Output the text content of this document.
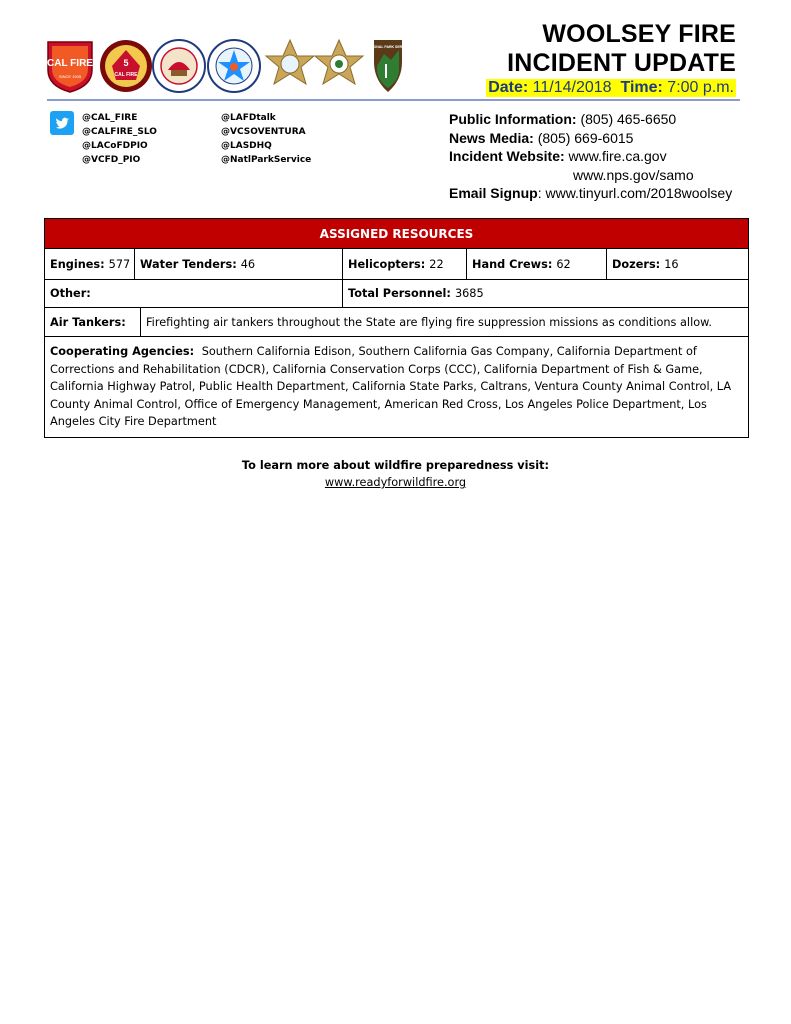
CAL FIRE
SINCE 1905
5
CAL FIRE
NATIONAL PARK SERVICE	WOOLSEY FIRE
INCIDENT UPDATE
Date: 11/14/2018 Time: 7:00 p.m.
@CAL_FIRE
@CALFIRE_SLO
@LACoFDPIO
@VCFD_PIO
@LAFDtalk
@VCSOVENTURA
@LASDHQ
@NatlParkService
Public Information: (805) 465-6650
News Media: (805) 669-6015
Incident Website: www.fire.ca.gov
www.nps.gov/samo
Email Signup: www.tinyurl.com/2018woolsey
ASSIGNED RESOURCES
Engines: 577 Water Tenders: 46	Helicopters: 22	Hand Crews: 62	Dozers: 16
Other:	Total Personnel: 3685
Air Tankers: Firefighting air tankers throughout the State are flying fire suppression missions as conditions allow.
Cooperating Agencies: Southern California Edison, Southern California Gas Company, California Department of Corrections and Rehabilitation (CDCR), California Conservation Corps (CCC), California Department of Fish & Game, California Highway Patrol, Public Health Department, California State Parks, Caltrans, Ventura County Animal Control, LA County Animal Control, Office of Emergency Management, American Red Cross, Los Angeles Police Department, Los Angeles City Fire Department
To learn more about wildfire preparedness visit:
www.readyforwildfire.org
